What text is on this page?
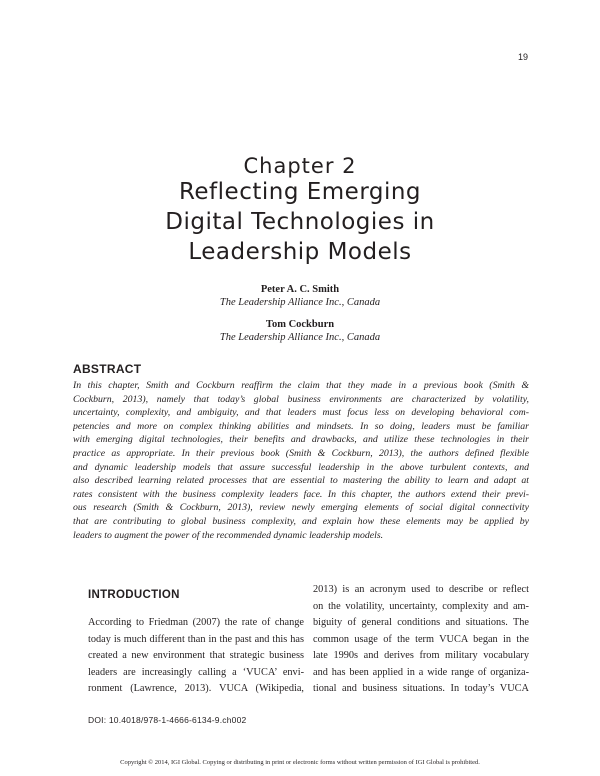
19
Chapter 2
Reflecting Emerging
Digital Technologies in
Leadership Models
Peter A. C. Smith
The Leadership Alliance Inc., Canada
Tom Cockburn
The Leadership Alliance Inc., Canada
ABSTRACT
In this chapter, Smith and Cockburn reaffirm the claim that they made in a previous book (Smith &
Cockburn, 2013), namely that today’s global business environments are characterized by volatility,
uncertainty, complexity, and ambiguity, and that leaders must focus less on developing behavioral com-
petencies and more on complex thinking abilities and mindsets. In so doing, leaders must be familiar
with emerging digital technologies, their benefits and drawbacks, and utilize these technologies in their
practice as appropriate. In their previous book (Smith & Cockburn, 2013), the authors defined flexible
and dynamic leadership models that assure successful leadership in the above turbulent contexts, and
also described learning related processes that are essential to mastering the ability to learn and adapt at
rates consistent with the business complexity leaders face. In this chapter, the authors extend their previ-
ous research (Smith & Cockburn, 2013), review newly emerging elements of social digital connectivity
that are contributing to global business complexity, and explain how these elements may be applied by
leaders to augment the power of the recommended dynamic leadership models.
INTRODUCTION
According to Friedman (2007) the rate of change
today is much different than in the past and this has
created a new environment that strategic business
leaders are increasingly calling a ‘VUCA’ envi-
ronment (Lawrence, 2013). VUCA (Wikipedia,
2013) is an acronym used to describe or reflect
on the volatility, uncertainty, complexity and am-
biguity of general conditions and situations. The
common usage of the term VUCA began in the
late 1990s and derives from military vocabulary
and has been applied in a wide range of organiza-
tional and business situations. In today’s VUCA
DOI: 10.4018/978-1-4666-6134-9.ch002
Copyright © 2014, IGI Global. Copying or distributing in print or electronic forms without written permission of IGI Global is prohibited.
